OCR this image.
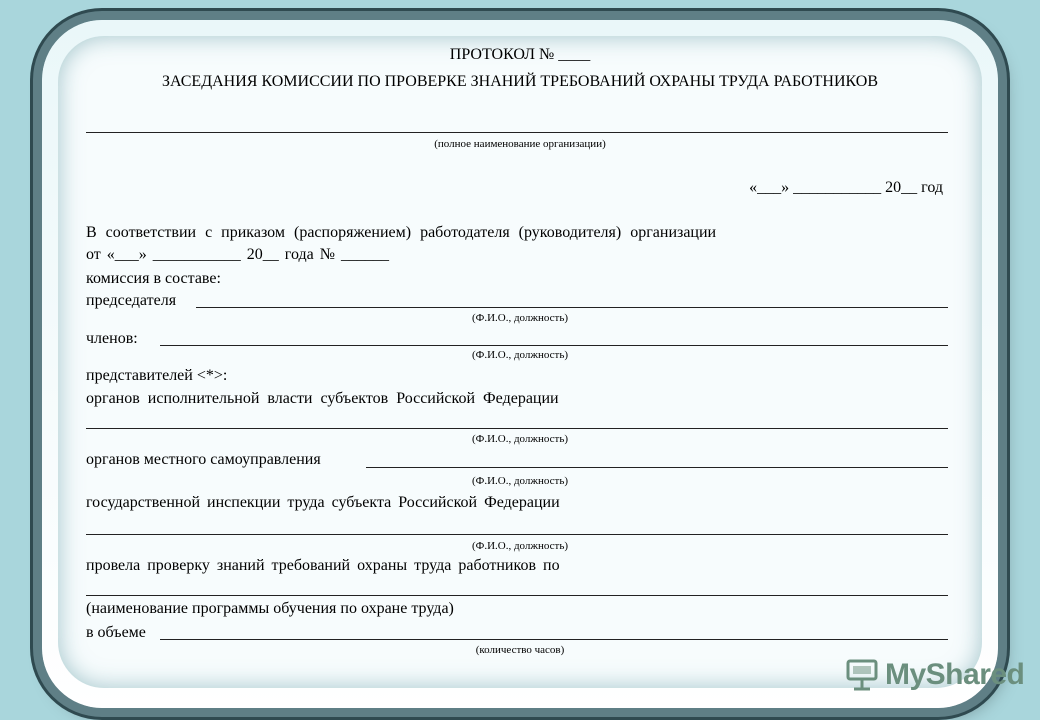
ПРОТОКОЛ № ____
ЗАСЕДАНИЯ КОМИССИИ ПО ПРОВЕРКЕ ЗНАНИЙ ТРЕБОВАНИЙ ОХРАНЫ ТРУДА РАБОТНИКОВ
(полное наименование организации)
«___» ___________ 20__ год
В соответствии с приказом (распоряжением) работодателя (руководителя) организации
от «___» ___________ 20__ года № ______
комиссия в составе:
председателя
(Ф.И.О., должность)
членов:
(Ф.И.О., должность)
представителей <*>:
органов исполнительной власти субъектов Российской Федерации
(Ф.И.О., должность)
органов местного самоуправления
(Ф.И.О., должность)
государственной инспекции труда субъекта Российской Федерации
(Ф.И.О., должность)
провела проверку знаний требований охраны труда работников по
(наименование программы обучения по охране труда)
в объеме
(количество часов)
MyShared
